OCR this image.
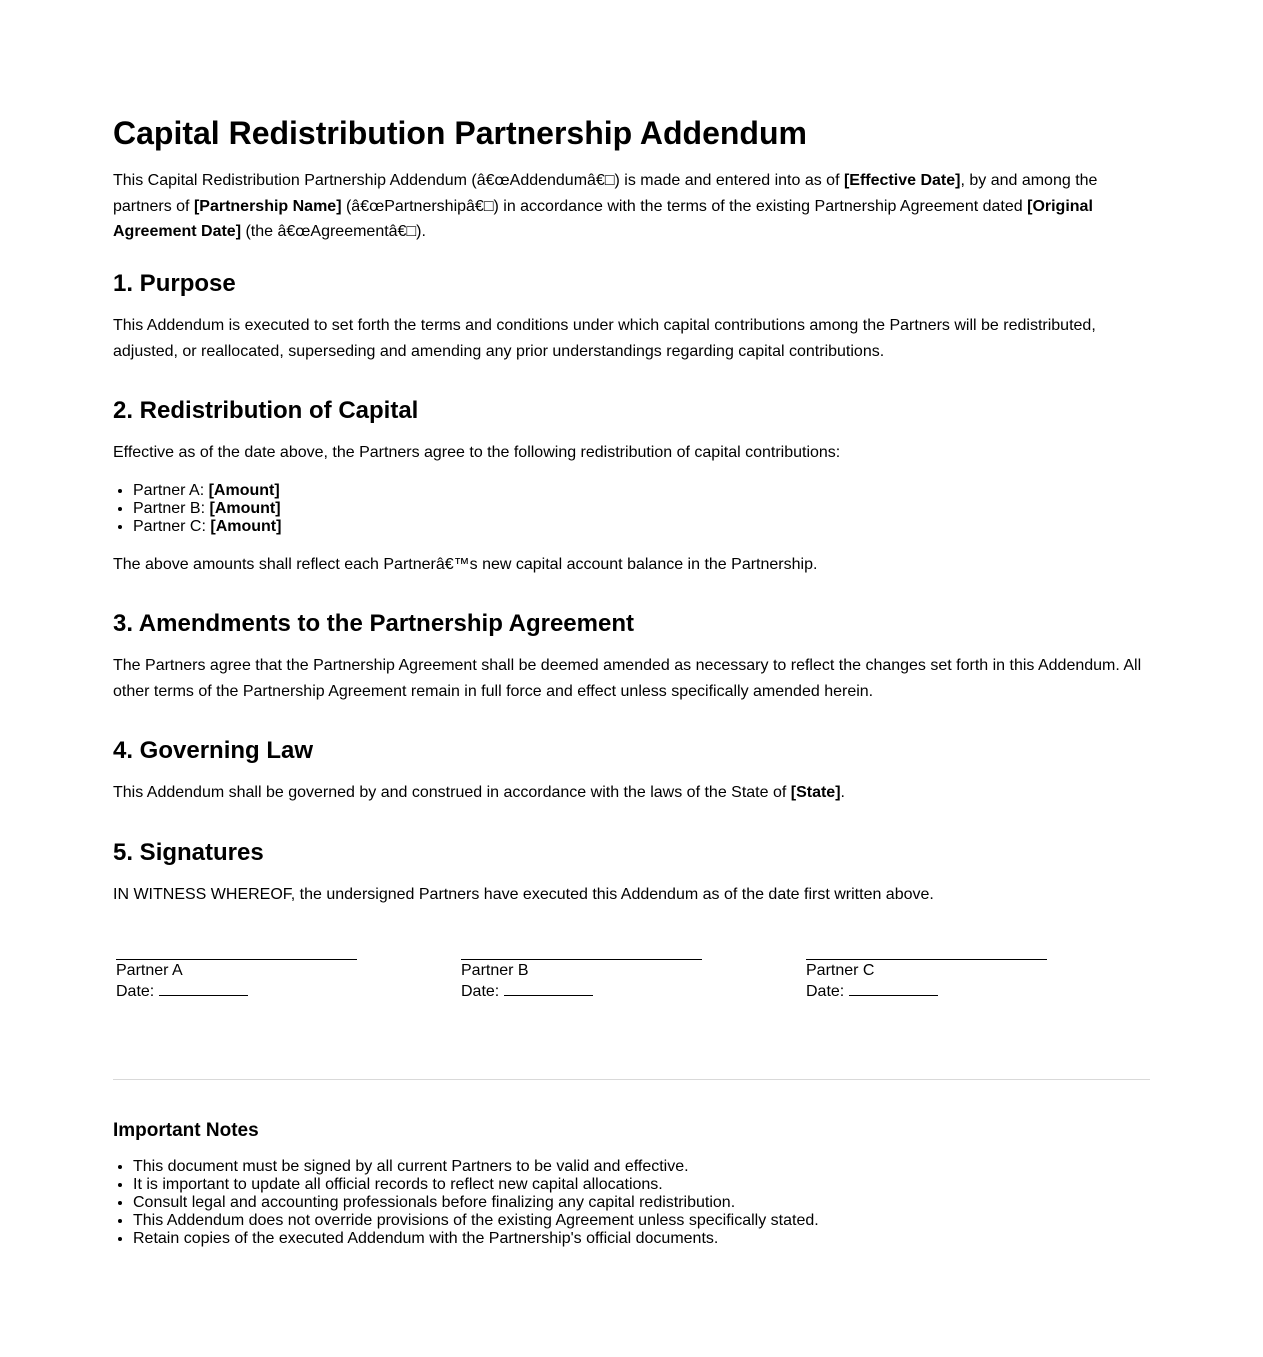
Capital Redistribution Partnership Addendum

This Capital Redistribution Partnership Addendum (â€œAddendumâ€□) is made and entered into as of [Effective Date], by and among the partners of [Partnership Name] (â€œPartnershipâ€□) in accordance with the terms of the existing Partnership Agreement dated [Original Agreement Date] (the â€œAgreementâ€□).

1. Purpose

This Addendum is executed to set forth the terms and conditions under which capital contributions among the Partners will be redistributed, adjusted, or reallocated, superseding and amending any prior understandings regarding capital contributions.

2. Redistribution of Capital

Effective as of the date above, the Partners agree to the following redistribution of capital contributions:

• Partner A: [Amount]
• Partner B: [Amount]
• Partner C: [Amount]

The above amounts shall reflect each Partnerâ€™s new capital account balance in the Partnership.

3. Amendments to the Partnership Agreement

The Partners agree that the Partnership Agreement shall be deemed amended as necessary to reflect the changes set forth in this Addendum. All other terms of the Partnership Agreement remain in full force and effect unless specifically amended herein.

4. Governing Law

This Addendum shall be governed by and construed in accordance with the laws of the State of [State].

5. Signatures

IN WITNESS WHEREOF, the undersigned Partners have executed this Addendum as of the date first written above.

Partner A
Date:
Partner B
Date:
Partner C
Date:
Important Notes
• This document must be signed by all current Partners to be valid and effective.
• It is important to update all official records to reflect new capital allocations.
• Consult legal and accounting professionals before finalizing any capital redistribution.
• This Addendum does not override provisions of the existing Agreement unless specifically stated.
• Retain copies of the executed Addendum with the Partnership's official documents.
